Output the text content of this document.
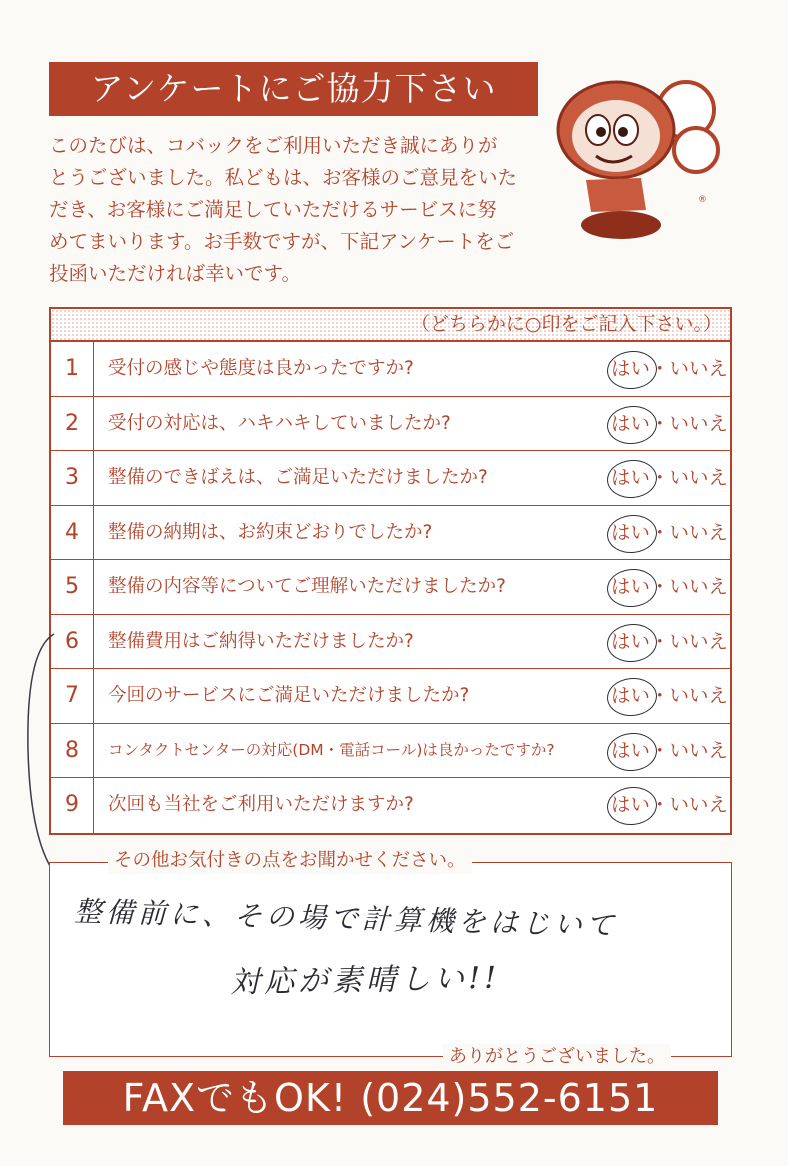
アンケートにご協力下さい
このたびは、コバックをご利用いただき誠にありが
とうございました。私どもは、お客様のご意見をいた
だき、お客様にご満足していただけるサービスに努
めてまいります。お手数ですが、下記アンケートをご
投函いただければ幸いです。
®
（どちらかに○印をご記入下さい。）
1	受付の感じや態度は良かったですか?	はい・いいえ
2	受付の対応は、ハキハキしていましたか?	はい・いいえ
3	整備のできばえは、ご満足いただけましたか?	はい・いいえ
4	整備の納期は、お約束どおりでしたか?	はい・いいえ
5	整備の内容等についてご理解いただけましたか?	はい・いいえ
6	整備費用はご納得いただけましたか?	はい・いいえ
7	今回のサービスにご満足いただけましたか?	はい・いいえ
8	コンタクトセンターの対応(DM・電話コール)は良かったですか?	はい・いいえ
9	次回も当社をご利用いただけますか?	はい・いいえ
その他お気付きの点をお聞かせください。
整備前に、その場で計算機をはじいて
対応が素晴しい!!
ありがとうございました。
FAXでもOK! (024)552-6151
